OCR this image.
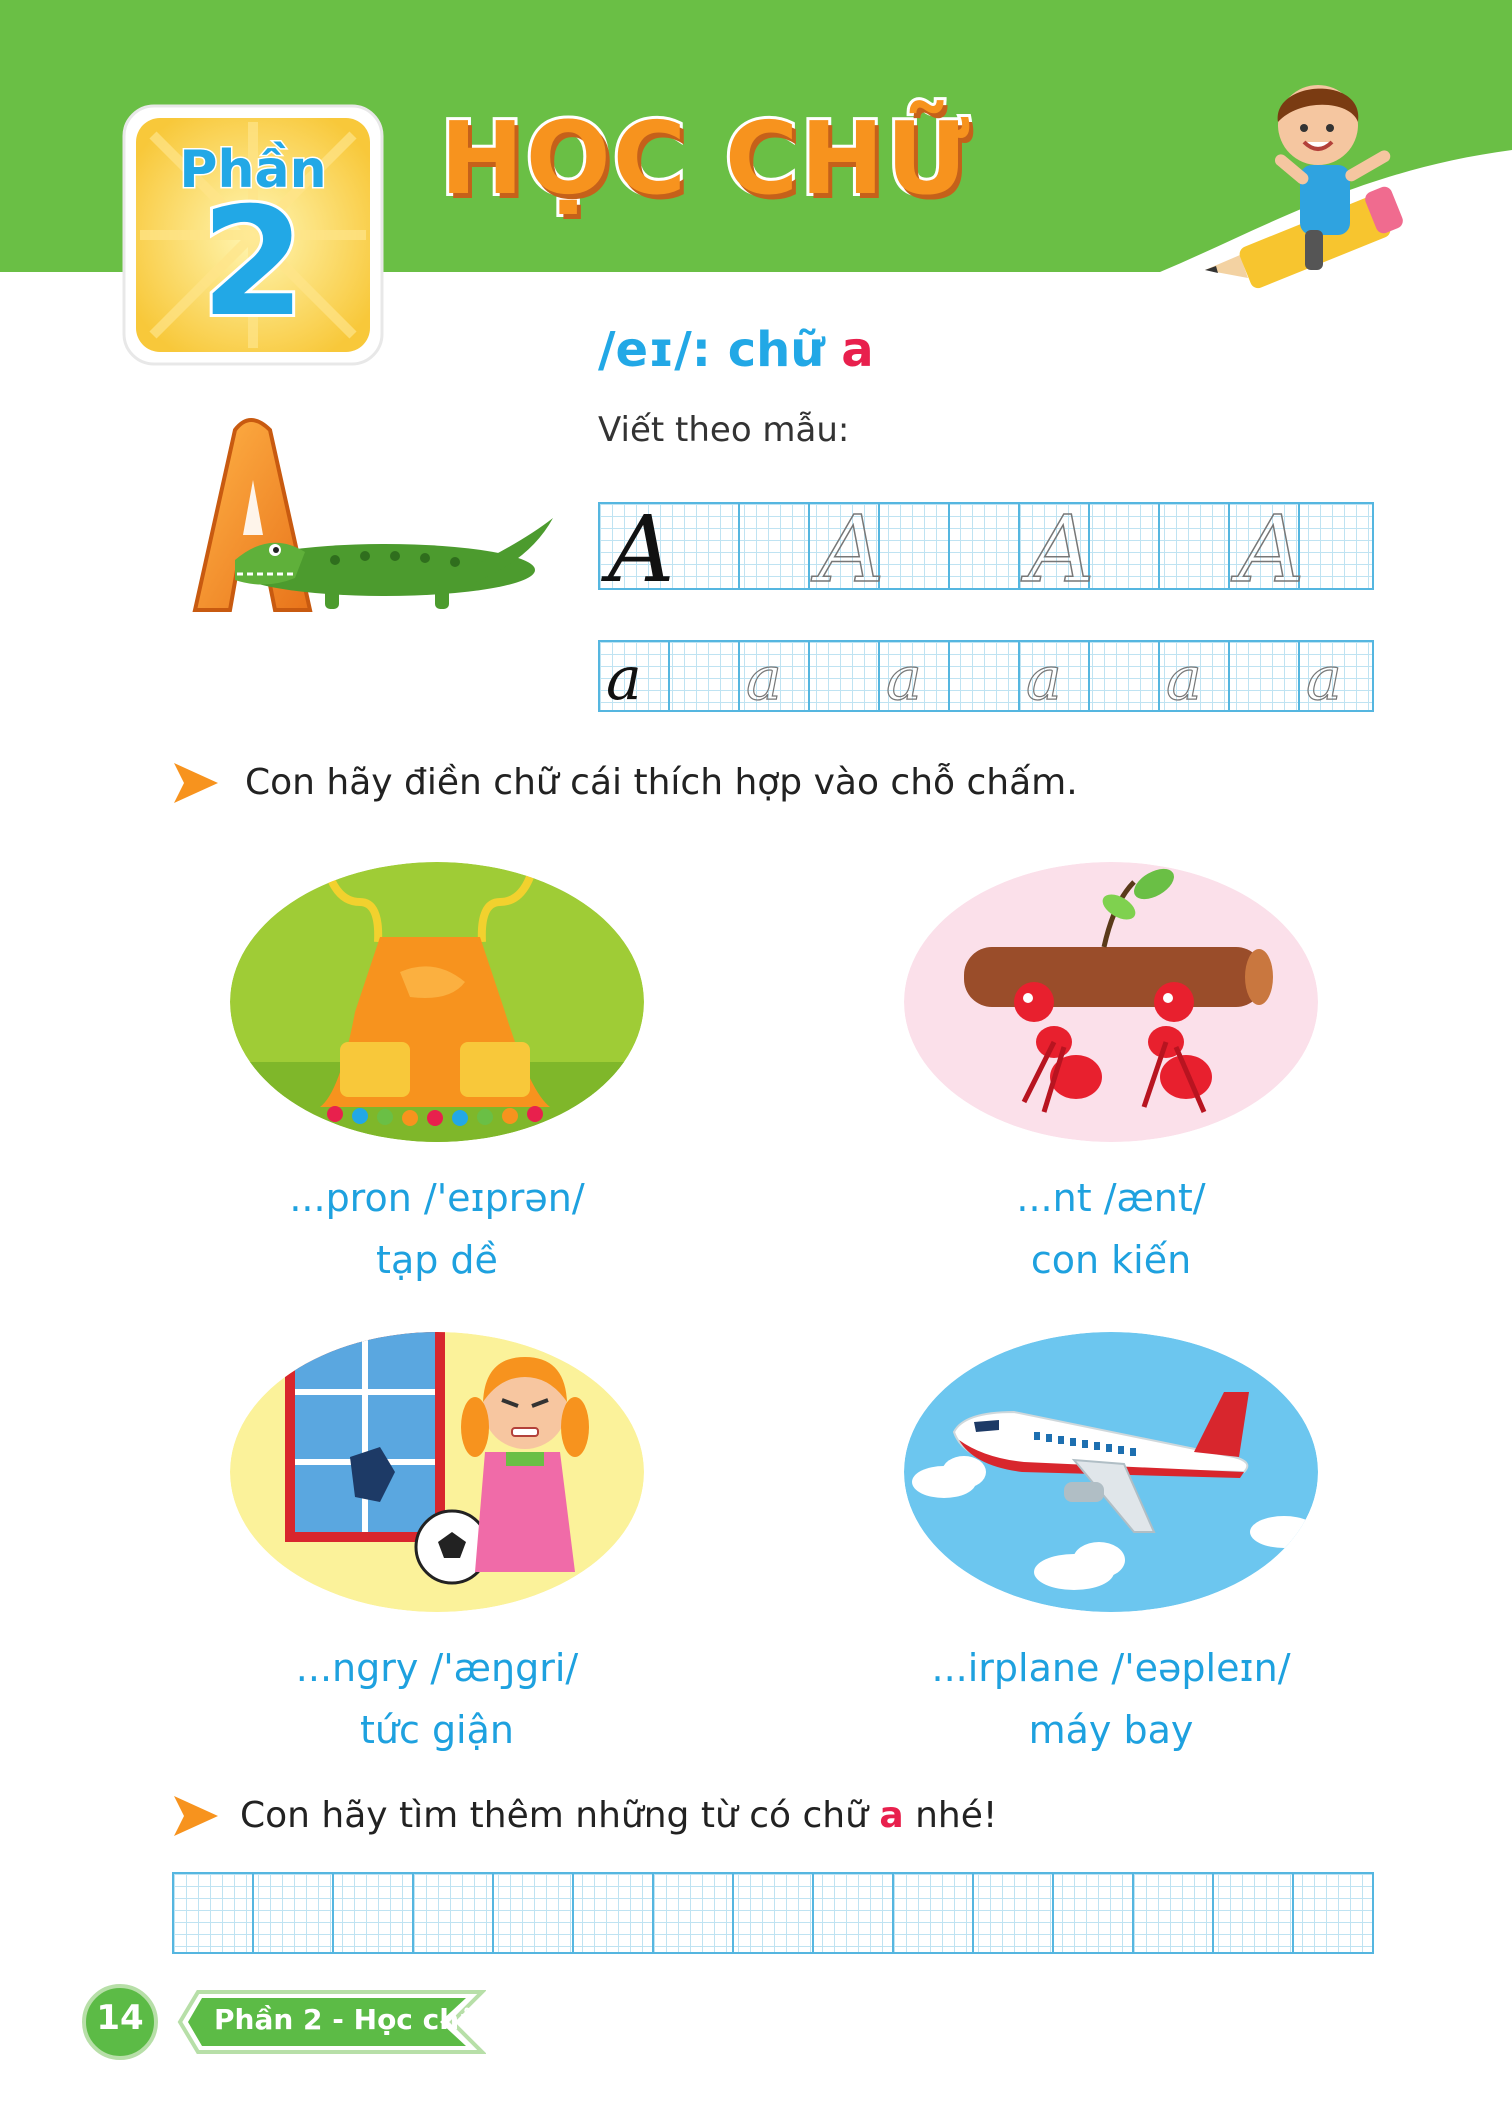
Phần
2
HỌC CHỮ
/eɪ/: chữ a
Viết theo mẫu:
A A A A
a a a a a a
Con hãy điền chữ cái thích hợp vào chỗ chấm.
...pron /'eɪprən/
tạp dề
...nt /ænt/
con kiến
...ngry /'æŋgri/
tức giận
...irplane /'eəpleɪn/
máy bay
Con hãy tìm thêm những từ có chữ a nhé!
14	Phần 2 - Học chữ
